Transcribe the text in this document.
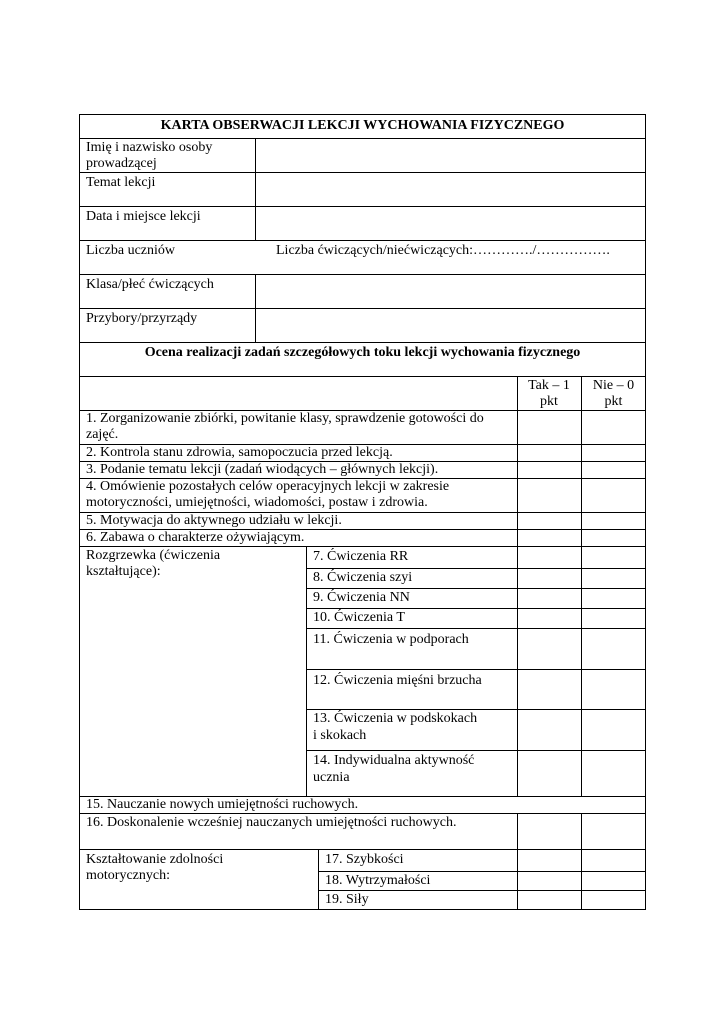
KARTA OBSERWACJI LEKCJI WYCHOWANIA FIZYCZNEGO
Imię i nazwisko osoby
prowadzącej
Temat lekcji
Data i miejsce lekcji
Liczba uczniów	Liczba ćwiczących/niećwiczących:…………./…………….
Klasa/płeć ćwiczących
Przybory/przyrządy
Ocena realizacji zadań szczegółowych toku lekcji wychowania fizycznego
Tak – 1
pkt
Nie – 0
pkt
1. Zorganizowanie zbiórki, powitanie klasy, sprawdzenie gotowości do
zajęć.
2. Kontrola stanu zdrowia, samopoczucia przed lekcją.
3. Podanie tematu lekcji (zadań wiodących – głównych lekcji).
4. Omówienie pozostałych celów operacyjnych lekcji w zakresie
motoryczności, umiejętności, wiadomości, postaw i zdrowia.
5. Motywacja do aktywnego udziału w lekcji.
6. Zabawa o charakterze ożywiającym.
Rozgrzewka (ćwiczenia
kształtujące):
7. Ćwiczenia RR
8. Ćwiczenia szyi
9. Ćwiczenia NN
10. Ćwiczenia T
11. Ćwiczenia w podporach
12. Ćwiczenia mięśni brzucha
13. Ćwiczenia w podskokach
i skokach
14. Indywidualna aktywność
ucznia
15. Nauczanie nowych umiejętności ruchowych.
16. Doskonalenie wcześniej nauczanych umiejętności ruchowych.
Kształtowanie zdolności
motorycznych:
17. Szybkości
18. Wytrzymałości
19. Siły
